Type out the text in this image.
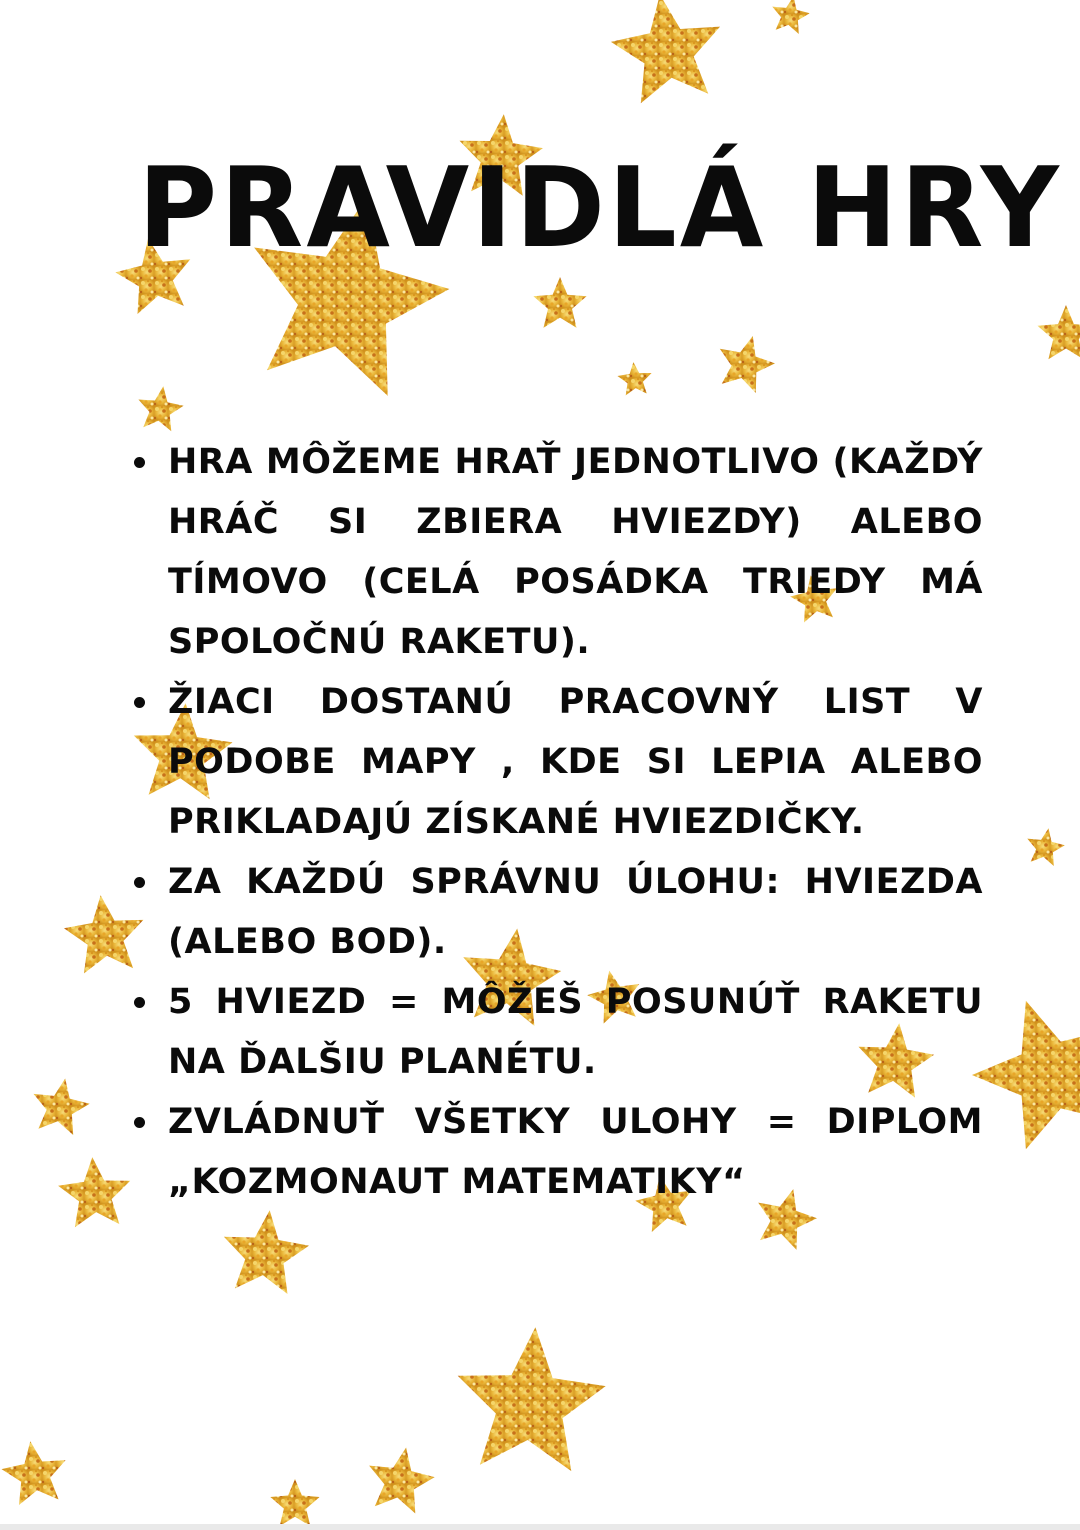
PRAVIDLÁ HRY
HRA MÔŽEME HRAŤ JEDNOTLIVO (KAŽDÝ HRÁČ SI ZBIERA HVIEZDY) ALEBO TÍMOVO (CELÁ POSÁDKA TRIEDY MÁ SPOLOČNÚ RAKETU).
ŽIACI DOSTANÚ PRACOVNÝ LIST V PODOBE MAPY , KDE SI LEPIA ALEBO PRIKLADAJÚ ZÍSKANÉ HVIEZDIČKY.
ZA KAŽDÚ SPRÁVNU ÚLOHU: HVIEZDA (ALEBO BOD).
5 HVIEZD = MÔŽEŠ POSUNÚŤ RAKETU NA ĎALŠIU PLANÉTU.
ZVLÁDNUŤ VŠETKY ULOHY = DIPLOM „KOZMONAUT MATEMATIKY“
